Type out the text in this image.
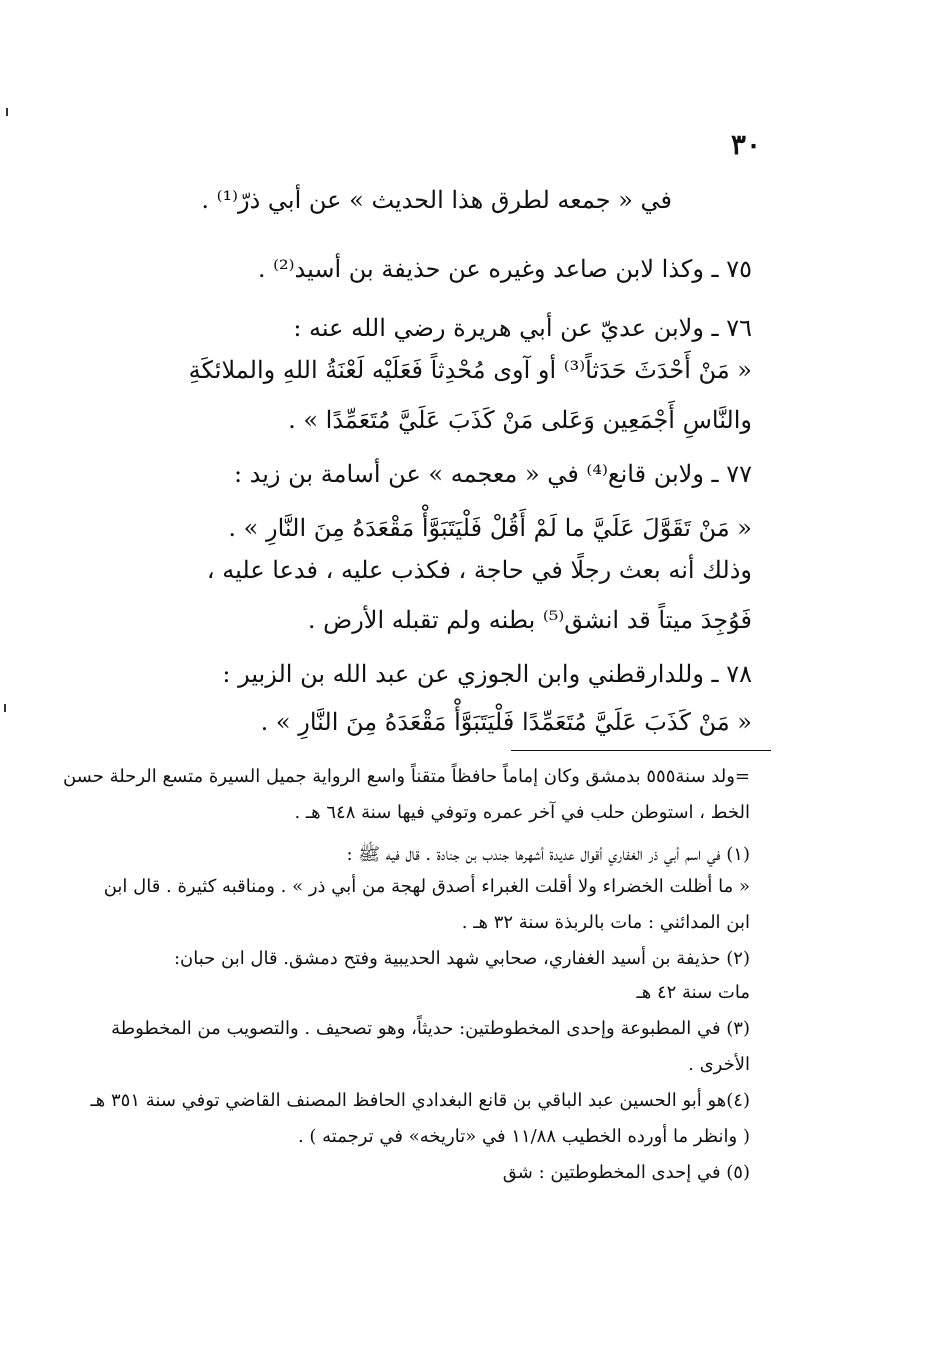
٣٠
في « جمعه لطرق هذا الحديث » عن أبي ذرّ⁽¹⁾ .
٧٥ ـ وكذا لابن صاعد وغيره عن حذيفة بن أسيد⁽²⁾ .
٧٦ ـ ولابن عديّ عن أبي هريرة رضي الله عنه :
« مَنْ أَحْدَثَ حَدَثاً⁽³⁾ أو آوى مُحْدِثاً فَعَلَيْه لَعْنَةُ اللهِ والملائكَةِ
والنَّاسِ أَجْمَعِين وَعَلى مَنْ كَذَبَ عَلَيَّ مُتَعَمِّدًا » .
٧٧ ـ ولابن قانع⁽⁴⁾ في « معجمه » عن أسامة بن زيد :
« مَنْ تَقَوَّلَ عَلَيَّ ما لَمْ أَقُلْ فَلْيَتَبَوَّأْ مَقْعَدَهُ مِنَ النَّارِ » .
وذلك أنه بعث رجلًا في حاجة ، فكذب عليه ، فدعا عليه ،
فَوُجِدَ ميتاً قد انشق⁽⁵⁾ بطنه ولم تقبله الأرض .
٧٨ ـ وللدارقطني وابن الجوزي عن عبد الله بن الزبير :
« مَنْ كَذَبَ عَلَيَّ مُتَعَمِّدًا فَلْيَتَبَوَّأْ مَقْعَدَهُ مِنَ النَّارِ » .
=ولد سنة٥٥٥ بدمشق وكان إماماً حافظاً متقناً واسع الرواية جميل السيرة متسع الرحلة حسن
الخط ، استوطن حلب في آخر عمره وتوفي فيها سنة ٦٤٨ هـ .
(١) في اسم أبي ذر الغفاري أقوال عديدة أشهرها جندب بن جنادة . قال فيه ﷺ :
« ما أظلت الخضراء ولا أقلت الغبراء أصدق لهجة من أبي ذر » . ومناقبه كثيرة . قال ابن
ابن المدائني : مات بالربذة سنة ٣٢ هـ .
(٢) حذيفة بن أسيد الغفاري، صحابي شهد الحديبية وفتح دمشق. قال ابن حبان:
مات سنة ٤٢ هـ
(٣) في المطبوعة وإحدى المخطوطتين: حديثاً، وهو تصحيف . والتصويب من المخطوطة
الأخرى .
(٤)هو أبو الحسين عبد الباقي بن قانع البغدادي الحافظ المصنف القاضي توفي سنة ٣٥١ هـ
( وانظر ما أورده الخطيب ١١/٨٨ في «تاريخه» في ترجمته ) .
(٥) في إحدى المخطوطتين : شق
